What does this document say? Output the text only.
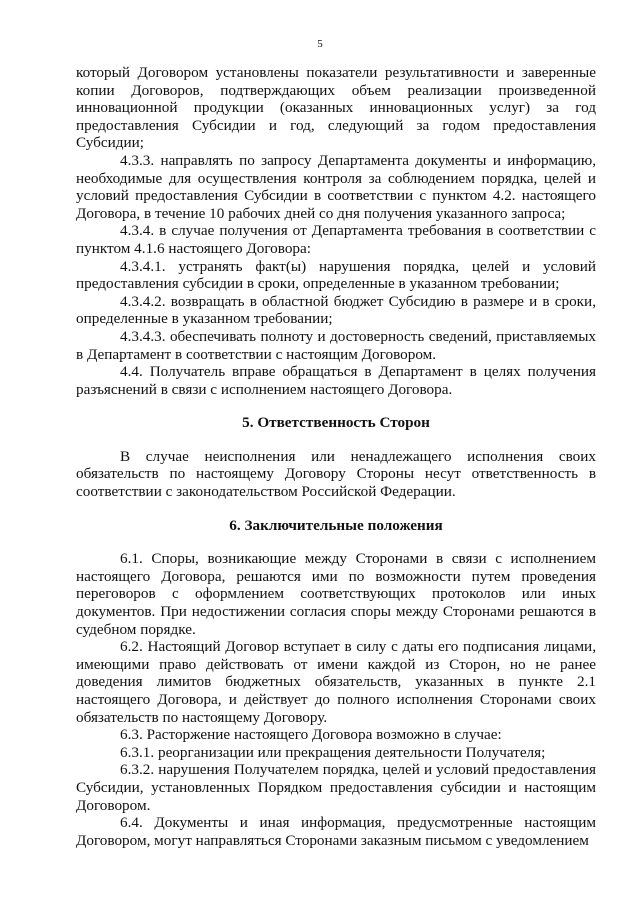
5

который Договором установлены показатели результативности и заверенные копии Договоров, подтверждающих объем реализации произведенной инновационной продукции (оказанных инновационных услуг) за год предоставления Субсидии и год, следующий за годом предоставления Субсидии;

4.3.3. направлять по запросу Департамента документы и информацию, необходимые для осуществления контроля за соблюдением порядка, целей и условий предоставления Субсидии в соответствии с пунктом 4.2. настоящего Договора, в течение 10 рабочих дней со дня получения указанного запроса;

4.3.4. в случае получения от Департамента требования в соответствии с пунктом 4.1.6 настоящего Договора:

4.3.4.1. устранять факт(ы) нарушения порядка, целей и условий предоставления субсидии в сроки, определенные в указанном требовании;

4.3.4.2. возвращать в областной бюджет Субсидию в размере и в сроки, определенные в указанном требовании;

4.3.4.3. обеспечивать полноту и достоверность сведений, приставляемых в Департамент в соответствии с настоящим Договором.

4.4. Получатель вправе обращаться в Департамент в целях получения разъяснений в связи с исполнением настоящего Договора.

5. Ответственность Сторон

В случае неисполнения или ненадлежащего исполнения своих обязательств по настоящему Договору Стороны несут ответственность в соответствии с законодательством Российской Федерации.

6. Заключительные положения

6.1. Споры, возникающие между Сторонами в связи с исполнением настоящего Договора, решаются ими по возможности путем проведения переговоров с оформлением соответствующих протоколов или иных документов. При недостижении согласия споры между Сторонами решаются в судебном порядке.

6.2. Настоящий Договор вступает в силу с даты его подписания лицами, имеющими право действовать от имени каждой из Сторон, но не ранее доведения лимитов бюджетных обязательств, указанных в пункте 2.1 настоящего Договора, и действует до полного исполнения Сторонами своих обязательств по настоящему Договору.

6.3. Расторжение настоящего Договора возможно в случае:

6.3.1. реорганизации или прекращения деятельности Получателя;

6.3.2. нарушения Получателем порядка, целей и условий предоставления Субсидии, установленных Порядком предоставления субсидии и настоящим Договором.

6.4. Документы и иная информация, предусмотренные настоящим Договором, могут направляться Сторонами заказным письмом с уведомлением
